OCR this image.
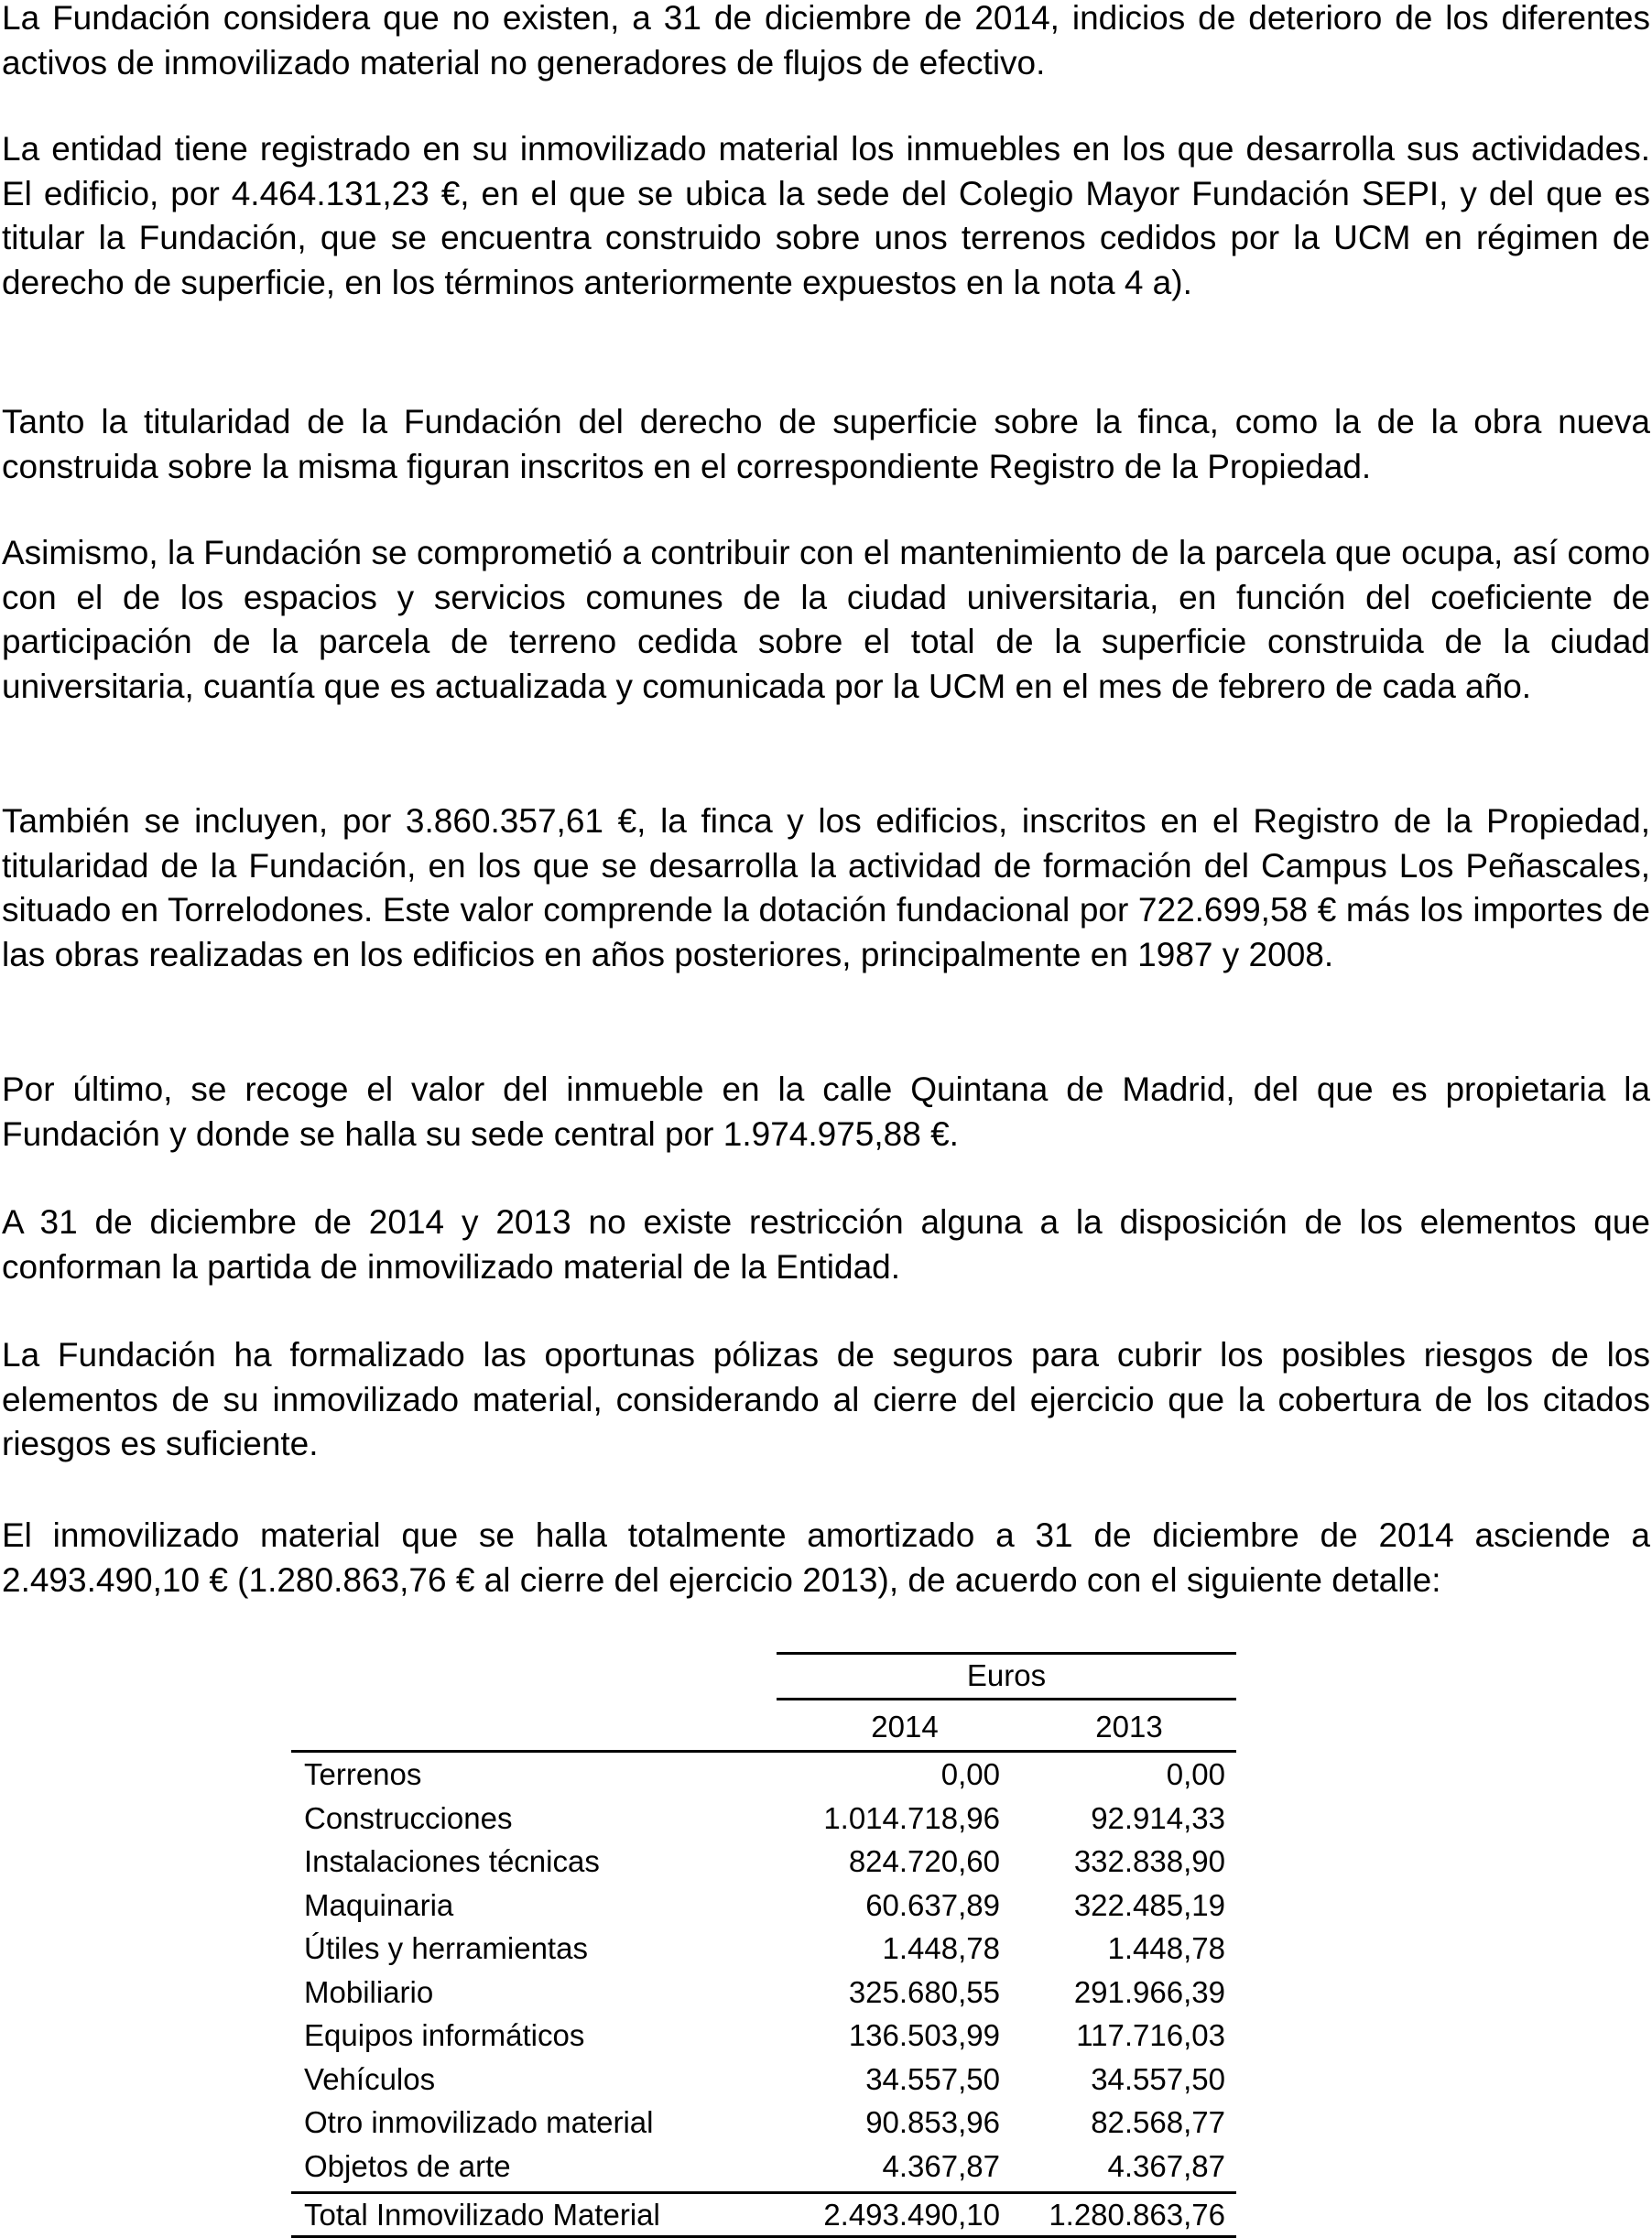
La Fundación considera que no existen, a 31 de diciembre de 2014, indicios de deterioro de los diferentes activos de inmovilizado material no generadores de flujos de efectivo.

La entidad tiene registrado en su inmovilizado material los inmuebles en los que desarrolla sus actividades. El edificio, por 4.464.131,23 €, en el que se ubica la sede del Colegio Mayor Fundación SEPI, y del que es titular la Fundación, que se encuentra construido sobre unos terrenos cedidos por la UCM en régimen de derecho de superficie, en los términos anteriormente expuestos en la nota 4 a).

Tanto la titularidad de la Fundación del derecho de superficie sobre la finca, como la de la obra nueva construida sobre la misma figuran inscritos en el correspondiente Registro de la Propiedad.

Asimismo, la Fundación se comprometió a contribuir con el mantenimiento de la parcela que ocupa, así como con el de los espacios y servicios comunes de la ciudad universitaria, en función del coeficiente de participación de la parcela de terreno cedida sobre el total de la superficie construida de la ciudad universitaria, cuantía que es actualizada y comunicada por la UCM en el mes de febrero de cada año.

También se incluyen, por 3.860.357,61 €, la finca y los edificios, inscritos en el Registro de la Propiedad, titularidad de la Fundación, en los que se desarrolla la actividad de formación del Campus Los Peñascales, situado en Torrelodones. Este valor comprende la dotación fundacional por 722.699,58 € más los importes de las obras realizadas en los edificios en años posteriores, principalmente en 1987 y 2008.

Por último, se recoge el valor del inmueble en la calle Quintana de Madrid, del que es propietaria la Fundación y donde se halla su sede central por 1.974.975,88 €.

A 31 de diciembre de 2014 y 2013 no existe restricción alguna a la disposición de los elementos que conforman la partida de inmovilizado material de la Entidad.

La Fundación ha formalizado las oportunas pólizas de seguros para cubrir los posibles riesgos de los elementos de su inmovilizado material, considerando al cierre del ejercicio que la cobertura de los citados riesgos es suficiente.

El inmovilizado material que se halla totalmente amortizado a 31 de diciembre de 2014 asciende a 2.493.490,10 € (1.280.863,76 € al cierre del ejercicio 2013), de acuerdo con el siguiente detalle:

Euros
2014	2013
Terrenos	0,00	0,00
Construcciones	1.014.718,96	92.914,33
Instalaciones técnicas	824.720,60 332.838,90
Maquinaria	60.637,89 322.485,19
Útiles y herramientas	1.448,78	1.448,78
Mobiliario	325.680,55 291.966,39
Equipos informáticos	136.503,99	117.716,03
Vehículos	34.557,50	34.557,50
Otro inmovilizado material	90.853,96	82.568,77
Objetos de arte	4.367,87	4.367,87
Total Inmovilizado Material	2.493.490,10 1.280.863,76
